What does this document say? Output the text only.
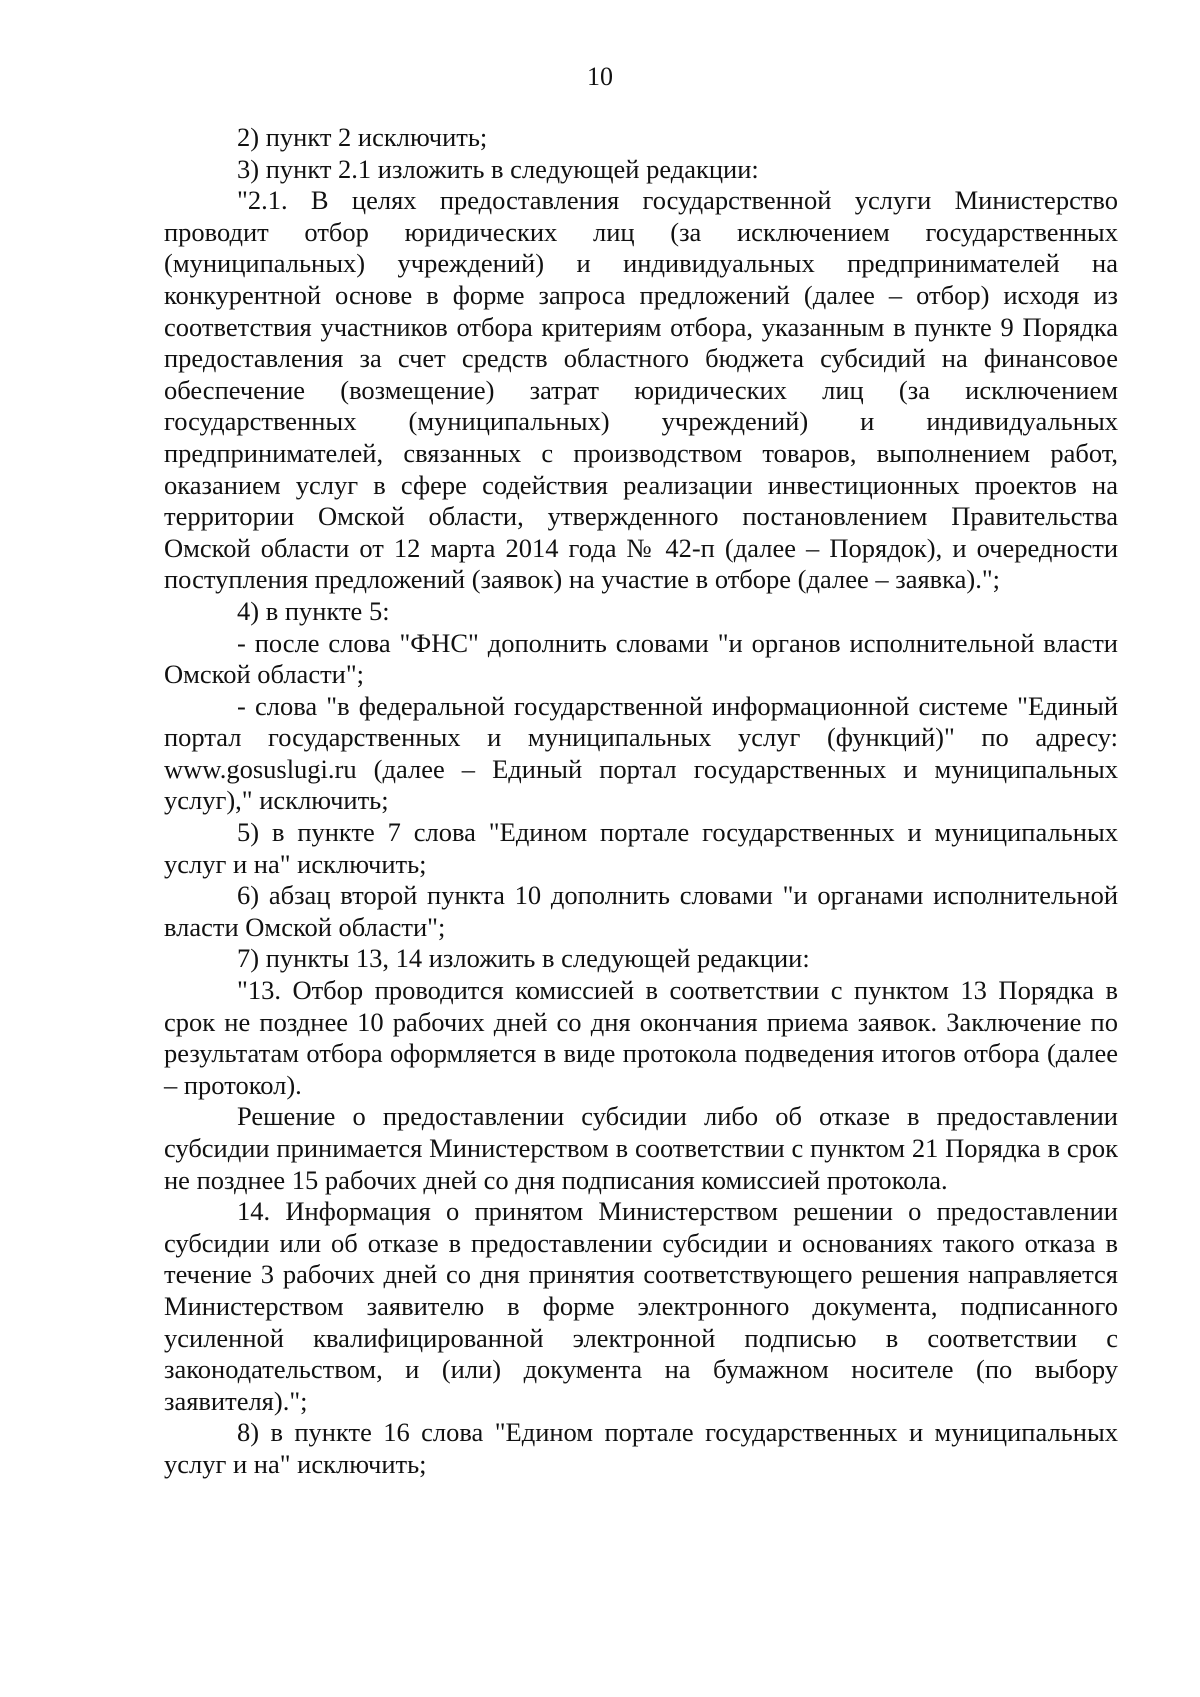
10

2) пункт 2 исключить;

3) пункт 2.1 изложить в следующей редакции:

"2.1. В целях предоставления государственной услуги Министерство проводит отбор юридических лиц (за исключением государственных (муниципальных) учреждений) и индивидуальных предпринимателей на конкурентной основе в форме запроса предложений (далее – отбор) исходя из соответствия участников отбора критериям отбора, указанным в пункте 9 Порядка предоставления за счет средств областного бюджета субсидий на финансовое обеспечение (возмещение) затрат юридических лиц (за исключением государственных (муниципальных) учреждений) и индивидуальных предпринимателей, связанных с производством товаров, выполнением работ, оказанием услуг в сфере содействия реализации инвестиционных проектов на территории Омской области, утвержденного постановлением Правительства Омской области от 12 марта 2014 года № 42-п (далее – Порядок), и очередности поступления предложений (заявок) на участие в отборе (далее – заявка).";

4) в пункте 5:

- после слова "ФНС" дополнить словами "и органов исполнительной власти Омской области";

- слова "в федеральной государственной информационной системе "Единый портал государственных и муниципальных услуг (функций)" по адресу: www.gosuslugi.ru (далее – Единый портал государственных и муниципальных услуг)," исключить;

5) в пункте 7 слова "Едином портале государственных и муниципальных услуг и на" исключить;

6) абзац второй пункта 10 дополнить словами "и органами исполнительной власти Омской области";

7) пункты 13, 14 изложить в следующей редакции:

"13. Отбор проводится комиссией в соответствии с пунктом 13 Порядка в срок не позднее 10 рабочих дней со дня окончания приема заявок. Заключение по результатам отбора оформляется в виде протокола подведения итогов отбора (далее – протокол).

Решение о предоставлении субсидии либо об отказе в предоставлении субсидии принимается Министерством в соответствии с пунктом 21 Порядка в срок не позднее 15 рабочих дней со дня подписания комиссией протокола.

14. Информация о принятом Министерством решении о предоставлении субсидии или об отказе в предоставлении субсидии и основаниях такого отказа в течение 3 рабочих дней со дня принятия соответствующего решения направляется Министерством заявителю в форме электронного документа, подписанного усиленной квалифицированной электронной подписью в соответствии с законодательством, и (или) документа на бумажном носителе (по выбору заявителя).";

8) в пункте 16 слова "Едином портале государственных и муниципальных услуг и на" исключить;
